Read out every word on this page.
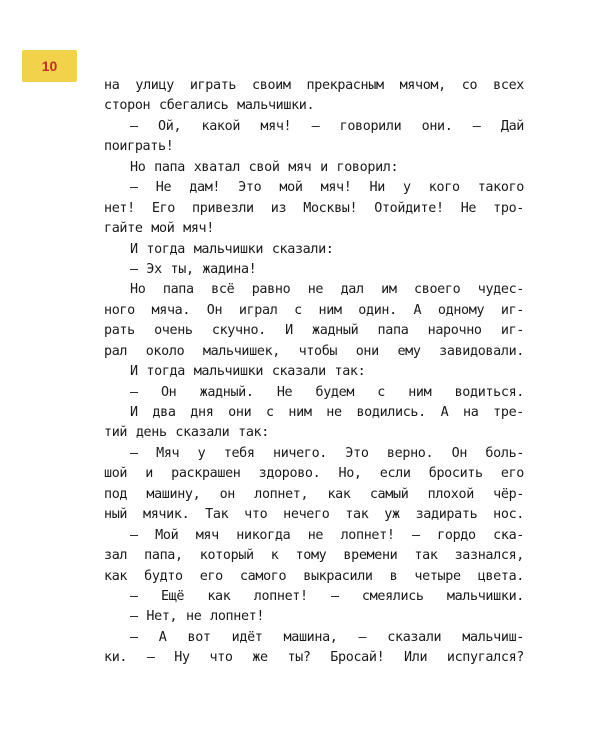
10
на улицу играть своим прекрасным мячом, со всех
сторон сбегались мальчишки.
— Ой, какой мяч! — говорили они. — Дай
поиграть!
Но папа хватал свой мяч и говорил:
— Не дам! Это мой мяч! Ни у кого такого
нет! Его привезли из Москвы! Отойдите! Не тро-
гайте мой мяч!
И тогда мальчишки сказали:
— Эх ты, жадина!
Но папа всё равно не дал им своего чудес-
ного мяча. Он играл с ним один. А одному иг-
рать очень скучно. И жадный папа нарочно иг-
рал около мальчишек, чтобы они ему завидовали.
И тогда мальчишки сказали так:
— Он жадный. Не будем с ним водиться.
И два дня они с ним не водились. А на тре-
тий день сказали так:
— Мяч у тебя ничего. Это верно. Он боль-
шой и раскрашен здорово. Но, если бросить его
под машину, он лопнет, как самый плохой чёр-
ный мячик. Так что нечего так уж задирать нос.
— Мой мяч никогда не лопнет! — гордо ска-
зал папа, который к тому времени так зазнался,
как будто его самого выкрасили в четыре цвета.
— Ещё как лопнет! — смеялись мальчишки.
— Нет, не лопнет!
— А вот идёт машина, — сказали мальчиш-
ки. — Ну что же ты? Бросай! Или испугался?
